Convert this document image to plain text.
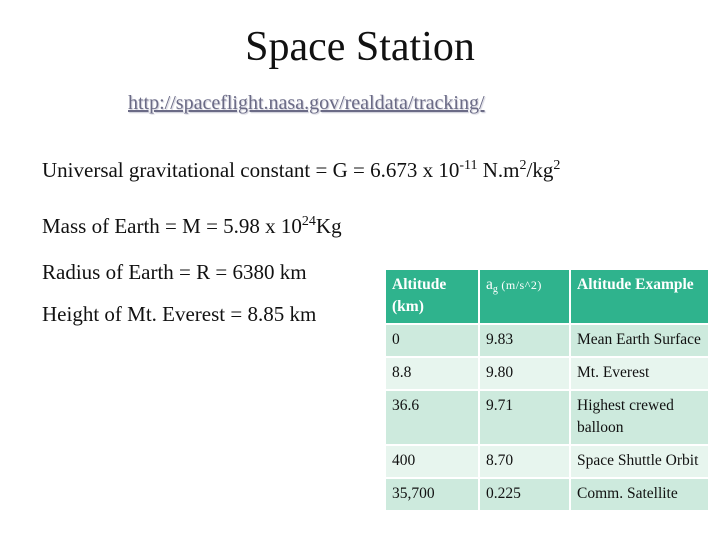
Space Station
http://spaceflight.nasa.gov/realdata/tracking/
Universal gravitational constant = G = 6.673 x $10^{-11}$ $N.m^2/kg^2$
Mass of Earth = M = 5.98 x $10^{24}Kg$
Radius of Earth = R = 6380 km
Height of Mt. Everest = 8.85 km
Altitude (km)	$a_g$ (m/s^2)	Altitude Example
0	9.83	Mean Earth Surface
8.8	9.80	Mt. Everest
36.6	9.71	Highest crewed balloon
400	8.70	Space Shuttle Orbit
35,700	0.225	Comm. Satellite
